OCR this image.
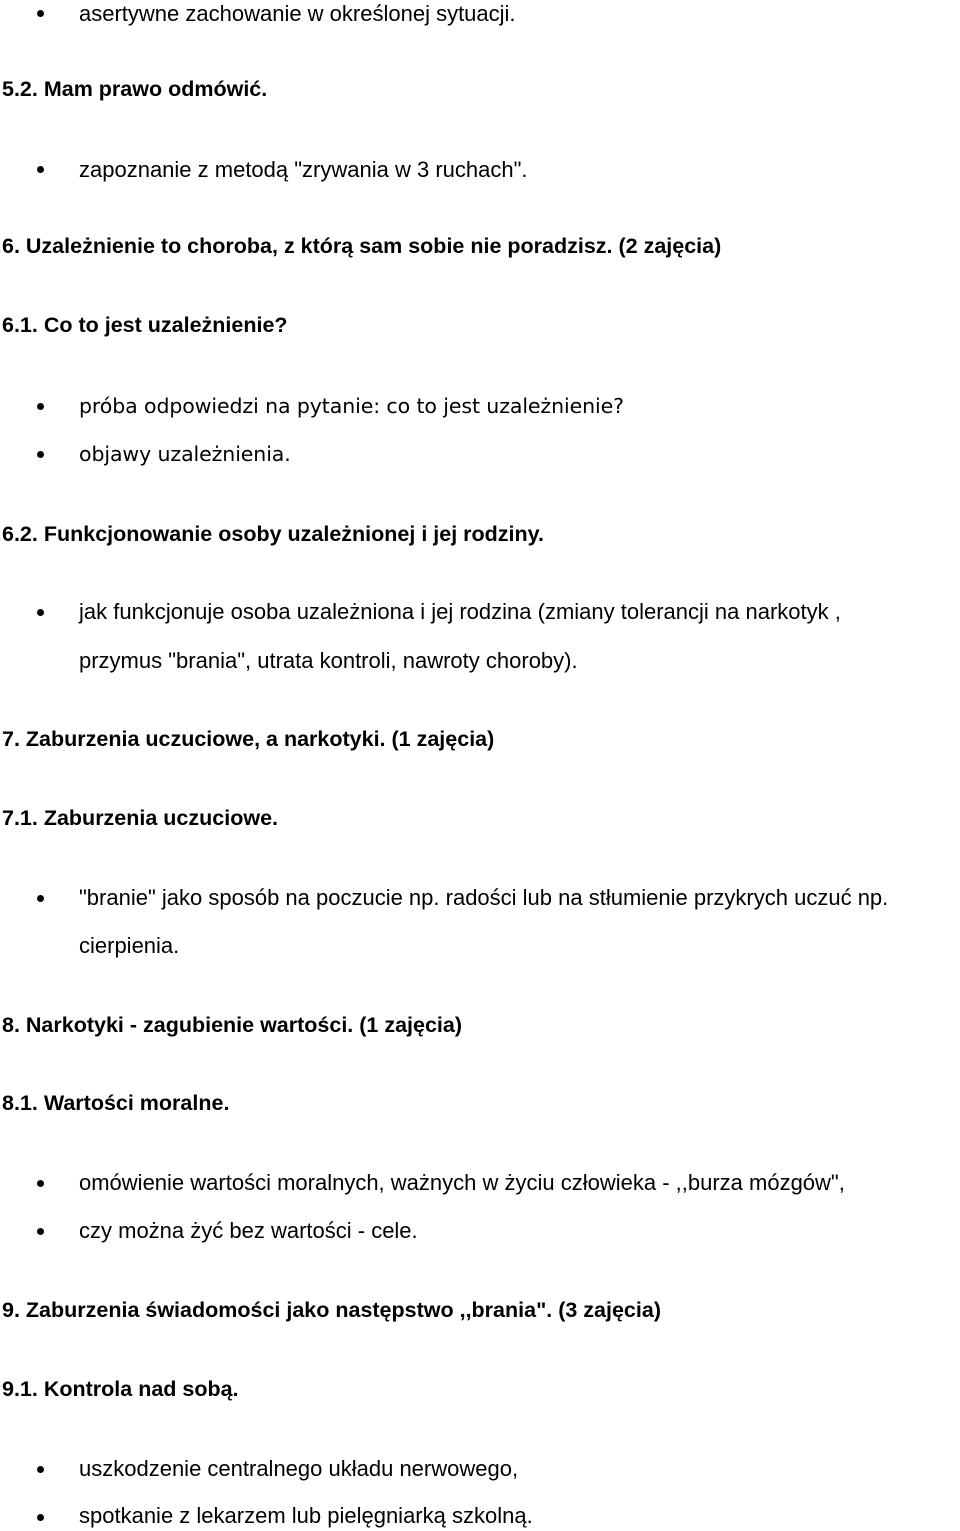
asertywne zachowanie w określonej sytuacji.
5.2. Mam prawo odmówić.
zapoznanie z metodą "zrywania w 3 ruchach".
6. Uzależnienie to choroba, z którą sam sobie nie poradzisz. (2 zajęcia)
6.1. Co to jest uzależnienie?
próba odpowiedzi na pytanie: co to jest uzależnienie?
objawy uzależnienia.
6.2. Funkcjonowanie osoby uzależnionej i jej rodziny.
jak funkcjonuje osoba uzależniona i jej rodzina (zmiany tolerancji na narkotyk ,
przymus "brania", utrata kontroli, nawroty choroby).
7. Zaburzenia uczuciowe, a narkotyki. (1 zajęcia)
7.1. Zaburzenia uczuciowe.
"branie" jako sposób na poczucie np. radości lub na stłumienie przykrych uczuć np.
cierpienia.
8. Narkotyki - zagubienie wartości. (1 zajęcia)
8.1. Wartości moralne.
omówienie wartości moralnych, ważnych w życiu człowieka - ,,burza mózgów",
czy można żyć bez wartości - cele.
9. Zaburzenia świadomości jako następstwo ,,brania". (3 zajęcia)
9.1. Kontrola nad sobą.
uszkodzenie centralnego układu nerwowego,
spotkanie z lekarzem lub pielęgniarką szkolną.
